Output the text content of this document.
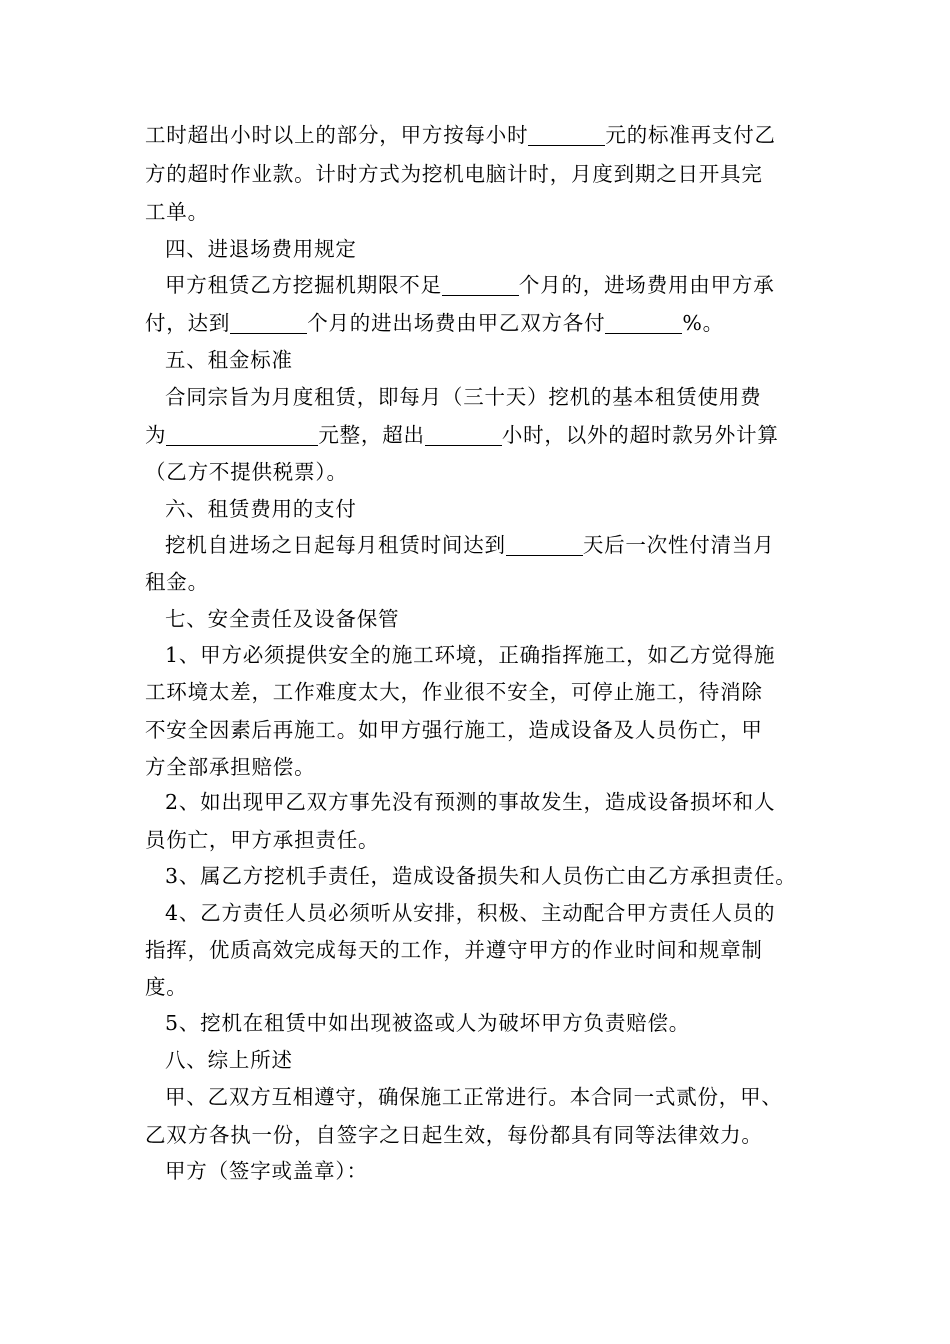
工时超出小时以上的部分，甲方按每小时	元的标准再支付乙
方的超时作业款。计时方式为挖机电脑计时，月度到期之日开具完
工单。
四、进退场费用规定
甲方租赁乙方挖掘机期限不足	个月的，进场费用由甲方承
付，达到	个月的进出场费由甲乙双方各付	%。
五、租金标准
合同宗旨为月度租赁，即每月（三十天）挖机的基本租赁使用费
为	元整，超出	小时，以外的超时款另外计算
（乙方不提供税票）。
六、租赁费用的支付
挖机自进场之日起每月租赁时间达到	天后一次性付清当月
租金。
七、安全责任及设备保管
1、甲方必须提供安全的施工环境，正确指挥施工，如乙方觉得施
工环境太差，工作难度太大，作业很不安全，可停止施工，待消除
不安全因素后再施工。如甲方强行施工，造成设备及人员伤亡，甲
方全部承担赔偿。
2、如出现甲乙双方事先没有预测的事故发生，造成设备损坏和人
员伤亡，甲方承担责任。
3、属乙方挖机手责任，造成设备损失和人员伤亡由乙方承担责任。
4、乙方责任人员必须听从安排，积极、主动配合甲方责任人员的
指挥，优质高效完成每天的工作，并遵守甲方的作业时间和规章制
度。
5、挖机在租赁中如出现被盗或人为破坏甲方负责赔偿。
八、综上所述
甲、乙双方互相遵守，确保施工正常进行。本合同一式贰份，甲、
乙双方各执一份，自签字之日起生效，每份都具有同等法律效力。
甲方（签字或盖章）：
